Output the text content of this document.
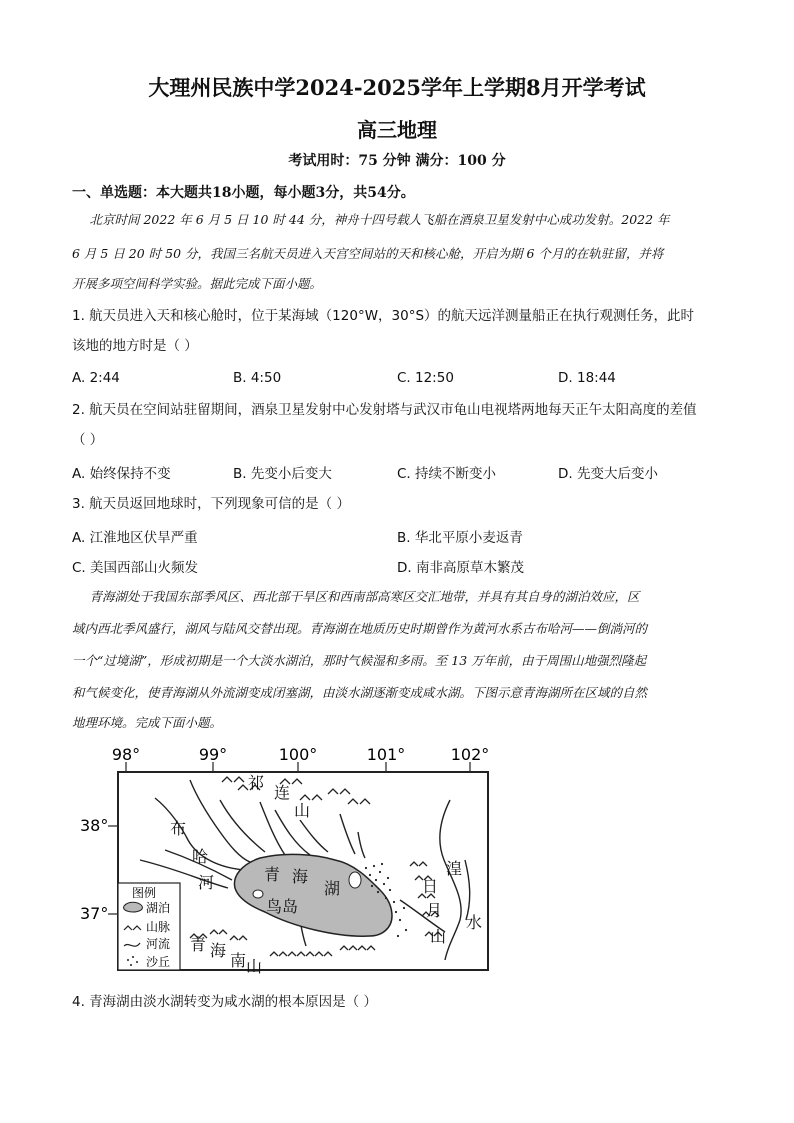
大理州民族中学2024-2025学年上学期8月开学考试
高三地理
考试用时：75 分钟 满分：100 分
一、单选题：本大题共18小题，每小题3分，共54分。
北京时间 2022 年 6 月 5 日 10 时 44 分，神舟十四号载人飞船在酒泉卫星发射中心成功发射。2022 年
6 月 5 日 20 时 50 分，我国三名航天员进入天宫空间站的天和核心舱，开启为期 6 个月的在轨驻留，并将
开展多项空间科学实验。据此完成下面小题。
1. 航天员进入天和核心舱时，位于某海域（120°W，30°S）的航天远洋测量船正在执行观测任务，此时
该地的地方时是（ ）
A. 2:44	B. 4:50	C. 12:50	D. 18:44
2. 航天员在空间站驻留期间，酒泉卫星发射中心发射塔与武汉市龟山电视塔两地每天正午太阳高度的差值
（ ）
A. 始终保持不变	B. 先变小后变大	C. 持续不断变小	D. 先变大后变小
3. 航天员返回地球时，下列现象可信的是（ ）
A. 江淮地区伏旱严重	B. 华北平原小麦返青
C. 美国西部山火频发	D. 南非高原草木繁茂
青海湖处于我国东部季风区、西北部干旱区和西南部高寒区交汇地带，并具有其自身的湖泊效应，区
域内西北季风盛行，湖风与陆风交替出现。青海湖在地质历史时期曾作为黄河水系古布哈河——倒淌河的
一个“过境湖”，形成初期是一个大淡水湖泊，那时气候湿和多雨。至 13 万年前，由于周围山地强烈隆起
和气候变化，使青海湖从外流湖变成闭塞湖，由淡水湖逐渐变成咸水湖。下图示意青海湖所在区域的自然
地理环境。完成下面小题。
98°	99°	100°	101°	102°
38°
37°
祁
连
山
布
哈
河	青 海
湖
鸟岛
日
月
山
湟
水
青 海
南 山
图例
湖泊
山脉
河流
沙丘
4. 青海湖由淡水湖转变为咸水湖的根本原因是（ ）
